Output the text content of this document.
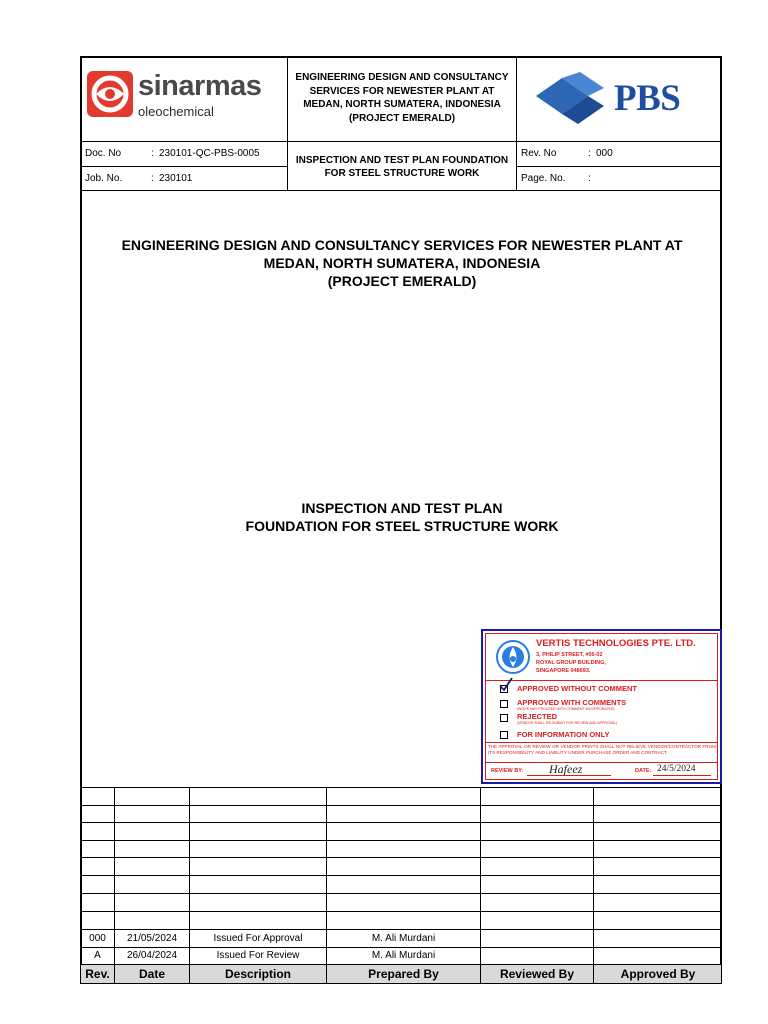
sinarmas
oleochemical
ENGINEERING DESIGN AND CONSULTANCY
SERVICES FOR NEWESTER PLANT AT
MEDAN, NORTH SUMATERA, INDONESIA
(PROJECT EMERALD)	PBS
Doc. No	: 230101-QC-PBS-0005
Job. No.	: 230101
INSPECTION AND TEST PLAN FOUNDATION
FOR STEEL STRUCTURE WORK
Rev. No	: 000
Page. No. :
ENGINEERING DESIGN AND CONSULTANCY SERVICES FOR NEWESTER PLANT AT
MEDAN, NORTH SUMATERA, INDONESIA
(PROJECT EMERALD)
INSPECTION AND TEST PLAN
FOUNDATION FOR STEEL STRUCTURE WORK
VERTIS TECHNOLOGIES PTE. LTD.
3, PHILIP STREET, #05-02
ROYAL GROUP BUILDING,
SINGAPORE 048693.
APPROVED WITHOUT COMMENT
APPROVED WITH COMMENTS
(WORK MAY PROCEED WITH COMMENT INCORPORATED)
REJECTED
(VENDOR SHALL RE-SUBMIT FOR REVIEW AND APPROVAL)
FOR INFORMATION ONLY
THE APPROVAL OR REVIEW OR VENDOR PRINTS SHALL NOT RELIEVE VENDOR/CONTRACTOR FROM ITS RESPONSIBILITY AND LIABILITY UNDER PURCHASE ORDER AND CONTRACT.
REVIEW BY: Hafeez	DATE: 24/5/2024
000	21/05/2024	Issued For Approval	M. Ali Murdani
A	26/04/2024	Issued For Review	M. Ali Murdani
Rev.	Date	Description	Prepared By	Reviewed By	Approved By
